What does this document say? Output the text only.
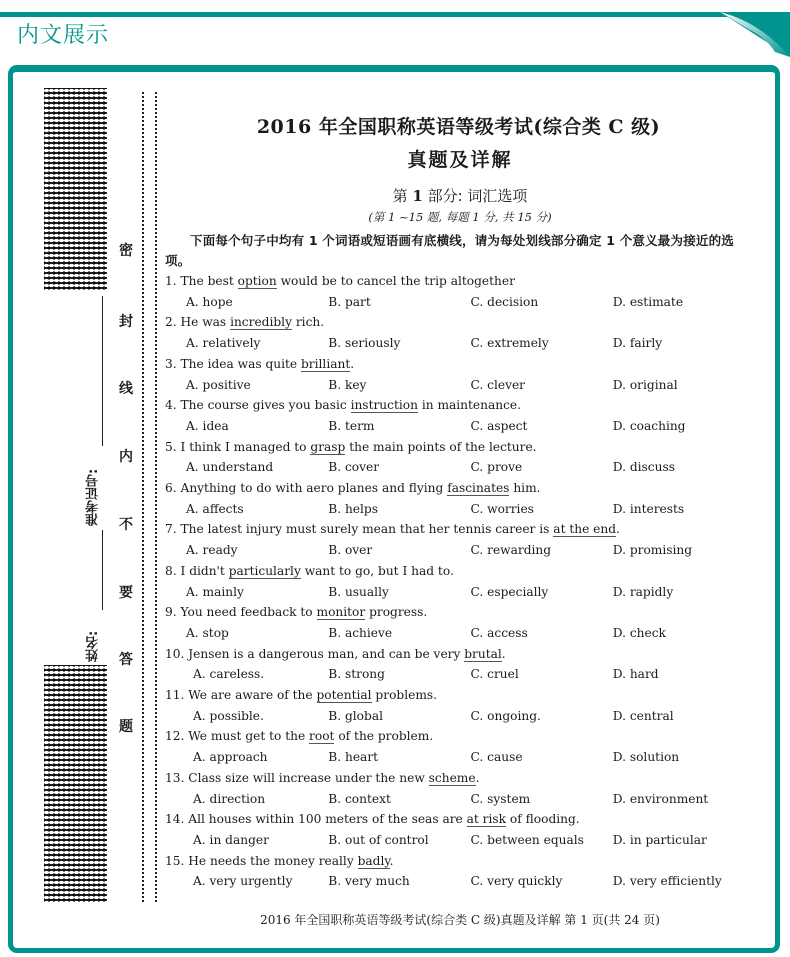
内文展示
准考证号:
姓名:
密
封
线
内
不
要
答
题
2016 年全国职称英语等级考试(综合类 C 级)
真题及详解
第 1 部分: 词汇选项
(第 1 ~15 题, 每题 1 分, 共 15 分)
下面每个句子中均有 1 个词语或短语画有底横线，请为每处划线部分确定 1 个意义最为接近的选项。
1. The best option would be to cancel the trip altogether
A. hope	B. part	C. decision	D. estimate
2. He was incredibly rich.
A. relatively	B. seriously	C. extremely	D. fairly
3. The idea was quite brilliant.
A. positive	B. key	C. clever	D. original
4. The course gives you basic instruction in maintenance.
A. idea	B. term	C. aspect	D. coaching
5. I think I managed to grasp the main points of the lecture.
A. understand	B. cover	C. prove	D. discuss
6. Anything to do with aero planes and flying fascinates him.
A. affects	B. helps	C. worries	D. interests
7. The latest injury must surely mean that her tennis career is at the end.
A. ready	B. over	C. rewarding	D. promising
8. I didn't particularly want to go, but I had to.
A. mainly	B. usually	C. especially	D. rapidly
9. You need feedback to monitor progress.
A. stop	B. achieve	C. access	D. check
10. Jensen is a dangerous man, and can be very brutal.
A. careless.	B. strong	C. cruel	D. hard
11. We are aware of the potential problems.
A. possible.	B. global	C. ongoing.	D. central
12. We must get to the root of the problem.
A. approach	B. heart	C. cause	D. solution
13. Class size will increase under the new scheme.
A. direction	B. context	C. system	D. environment
14. All houses within 100 meters of the seas are at risk of flooding.
A. in danger	B. out of control	C. between equals	D. in particular
15. He needs the money really badly.
A. very urgently	B. very much	C. very quickly	D. very efficiently
2016 年全国职称英语等级考试(综合类 C 级)真题及详解 第 1 页(共 24 页)
